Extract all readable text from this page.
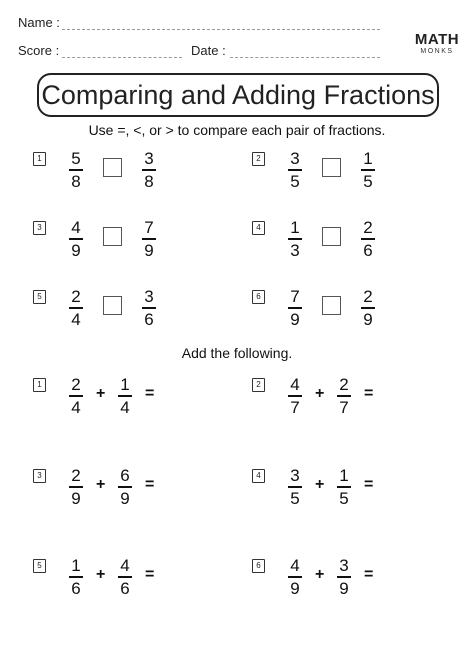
Name :
Score :	Date :
MATH
MONKS
Comparing and Adding Fractions
Use =, <, or > to compare each pair of fractions.
1 5
8
3
8
2 3
5
1
5
3 4
9
7
9
4 1
3
2
6
5 2
4
3
6
6 7
9
2
9
Add the following.
1 2
4
+ 1
4
=
2 4
7
+ 2
7
=
3 2
9
+ 6
9
=
4 3
5
+ 1
5
=
5 1
6
+ 4
6
=
6 4
9
+ 3
9
=
